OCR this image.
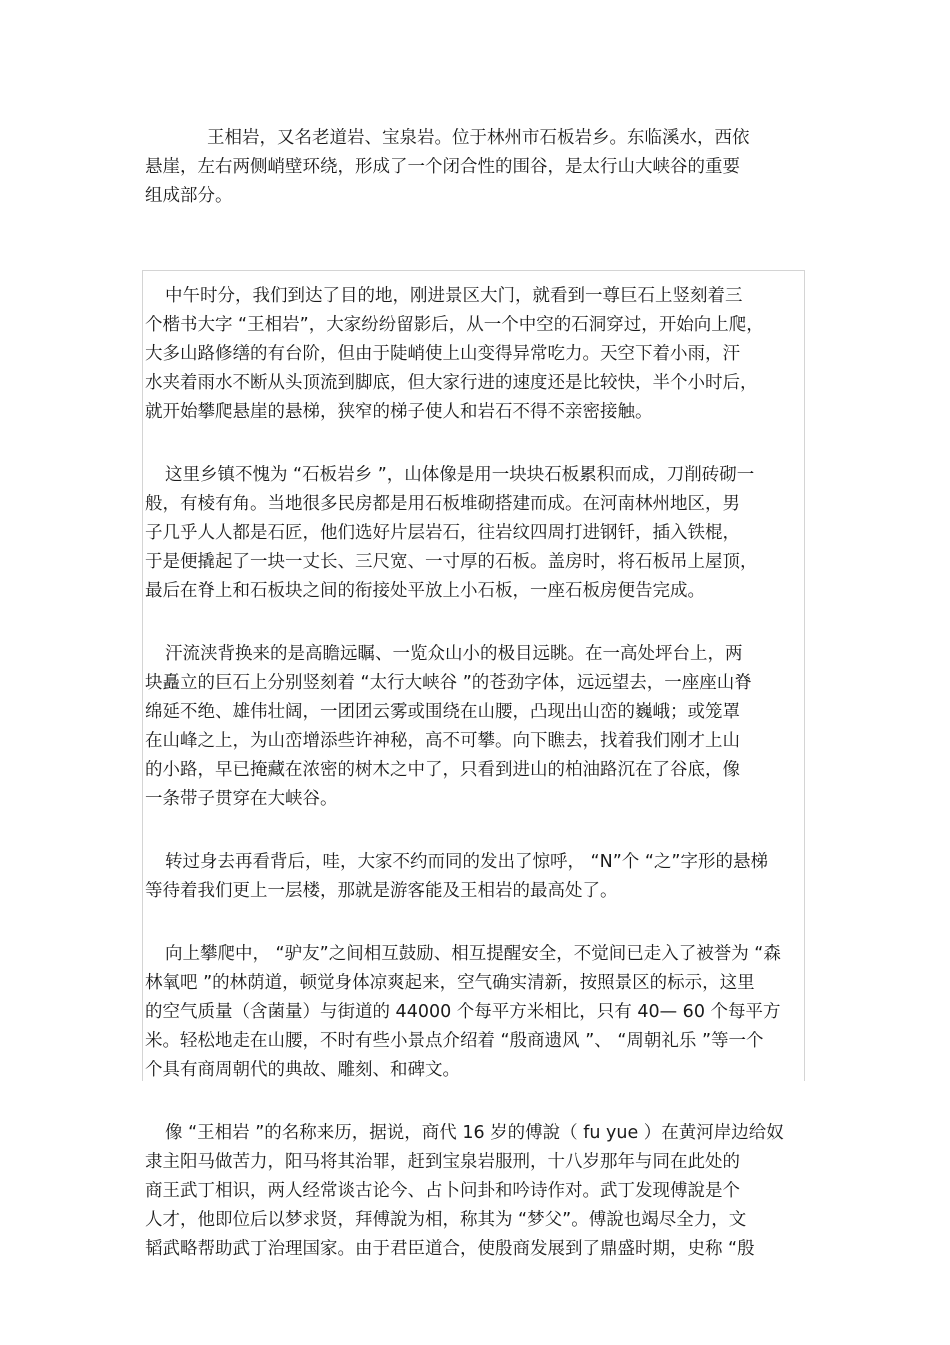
王相岩，又名老道岩、宝泉岩。位于林州市石板岩乡。东临溪水，西依
悬崖，左右两侧峭壁环绕，形成了一个闭合性的围谷，是太行山大峡谷的重要
组成部分。
中午时分，我们到达了目的地，刚进景区大门，就看到一尊巨石上竖刻着三
个楷书大字 “王相岩”，大家纷纷留影后，从一个中空的石洞穿过，开始向上爬，
大多山路修缮的有台阶，但由于陡峭使上山变得异常吃力。天空下着小雨，汗
水夹着雨水不断从头顶流到脚底，但大家行进的速度还是比较快，半个小时后，
就开始攀爬悬崖的悬梯，狭窄的梯子使人和岩石不得不亲密接触。
这里乡镇不愧为 “石板岩乡 ”，山体像是用一块块石板累积而成，刀削砖砌一
般，有棱有角。当地很多民房都是用石板堆砌搭建而成。在河南林州地区，男
子几乎人人都是石匠，他们选好片层岩石，往岩纹四周打进钢钎，插入铁棍，
于是便撬起了一块一丈长、三尺宽、一寸厚的石板。盖房时，将石板吊上屋顶，
最后在脊上和石板块之间的衔接处平放上小石板，一座石板房便告完成。
汗流浃背换来的是高瞻远瞩、一览众山小的极目远眺。在一高处坪台上，两
块矗立的巨石上分别竖刻着 “太行大峡谷 ”的苍劲字体，远远望去，一座座山脊
绵延不绝、雄伟壮阔，一团团云雾或围绕在山腰，凸现出山峦的巍峨；或笼罩
在山峰之上，为山峦增添些许神秘，高不可攀。向下瞧去，找着我们刚才上山
的小路，早已掩藏在浓密的树木之中了，只看到进山的柏油路沉在了谷底，像
一条带子贯穿在大峡谷。
转过身去再看背后，哇，大家不约而同的发出了惊呼， “N”个 “之”字形的悬梯
等待着我们更上一层楼，那就是游客能及王相岩的最高处了。
向上攀爬中， “驴友”之间相互鼓励、相互提醒安全，不觉间已走入了被誉为 “森
林氧吧 ”的林荫道，顿觉身体凉爽起来，空气确实清新，按照景区的标示，这里
的空气质量（含菌量）与街道的 44000 个每平方米相比，只有 40— 60 个每平方
米。轻松地走在山腰，不时有些小景点介绍着 “殷商遗风 ”、 “周朝礼乐 ”等一个
个具有商周朝代的典故、雕刻、和碑文。
像 “王相岩 ”的名称来历，据说，商代 16 岁的傅說（ fu yue ）在黄河岸边给奴
隶主阳马做苦力，阳马将其治罪，赶到宝泉岩服刑，十八岁那年与同在此处的
商王武丁相识，两人经常谈古论今、占卜问卦和吟诗作对。武丁发现傅說是个
人才，他即位后以梦求贤，拜傅說为相，称其为 “梦父”。傅說也竭尽全力，文
韬武略帮助武丁治理国家。由于君臣道合，使殷商发展到了鼎盛时期，史称 “殷
